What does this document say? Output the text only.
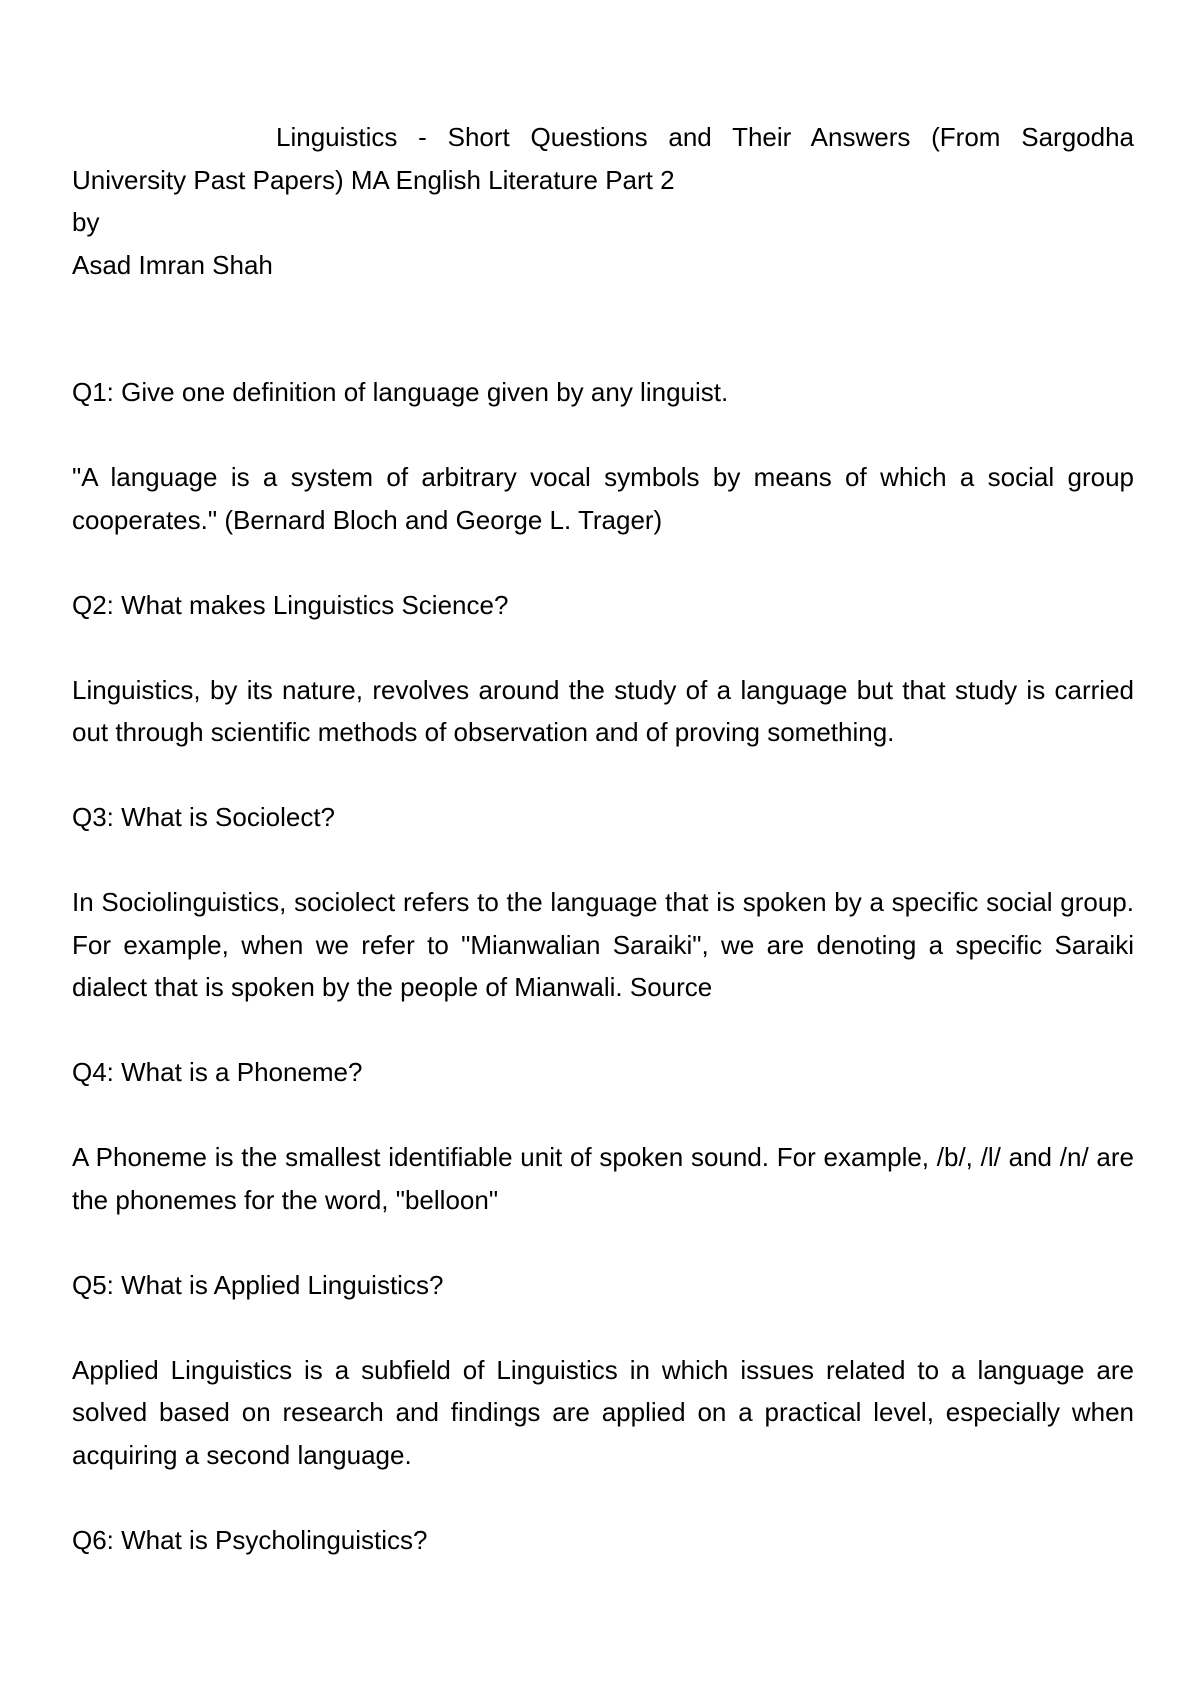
Linguistics - Short Questions and Their Answers (From Sargodha
University Past Papers) MA English Literature Part 2
by
Asad Imran Shah
Q1: Give one definition of language given by any linguist.
"A language is a system of arbitrary vocal symbols by means of which a social group cooperates." (Bernard Bloch and George L. Trager)
Q2: What makes Linguistics Science?
Linguistics, by its nature, revolves around the study of a language but that study is carried out through scientific methods of observation and of proving something.
Q3: What is Sociolect?
In Sociolinguistics, sociolect refers to the language that is spoken by a specific social group. For example, when we refer to "Mianwalian Saraiki", we are denoting a specific Saraiki dialect that is spoken by the people of Mianwali. Source
Q4: What is a Phoneme?
A Phoneme is the smallest identifiable unit of spoken sound. For example, /b/, /l/ and /n/ are the phonemes for the word, "belloon"
Q5: What is Applied Linguistics?
Applied Linguistics is a subfield of Linguistics in which issues related to a language are solved based on research and findings are applied on a practical level, especially when acquiring a second language.
Q6: What is Psycholinguistics?
